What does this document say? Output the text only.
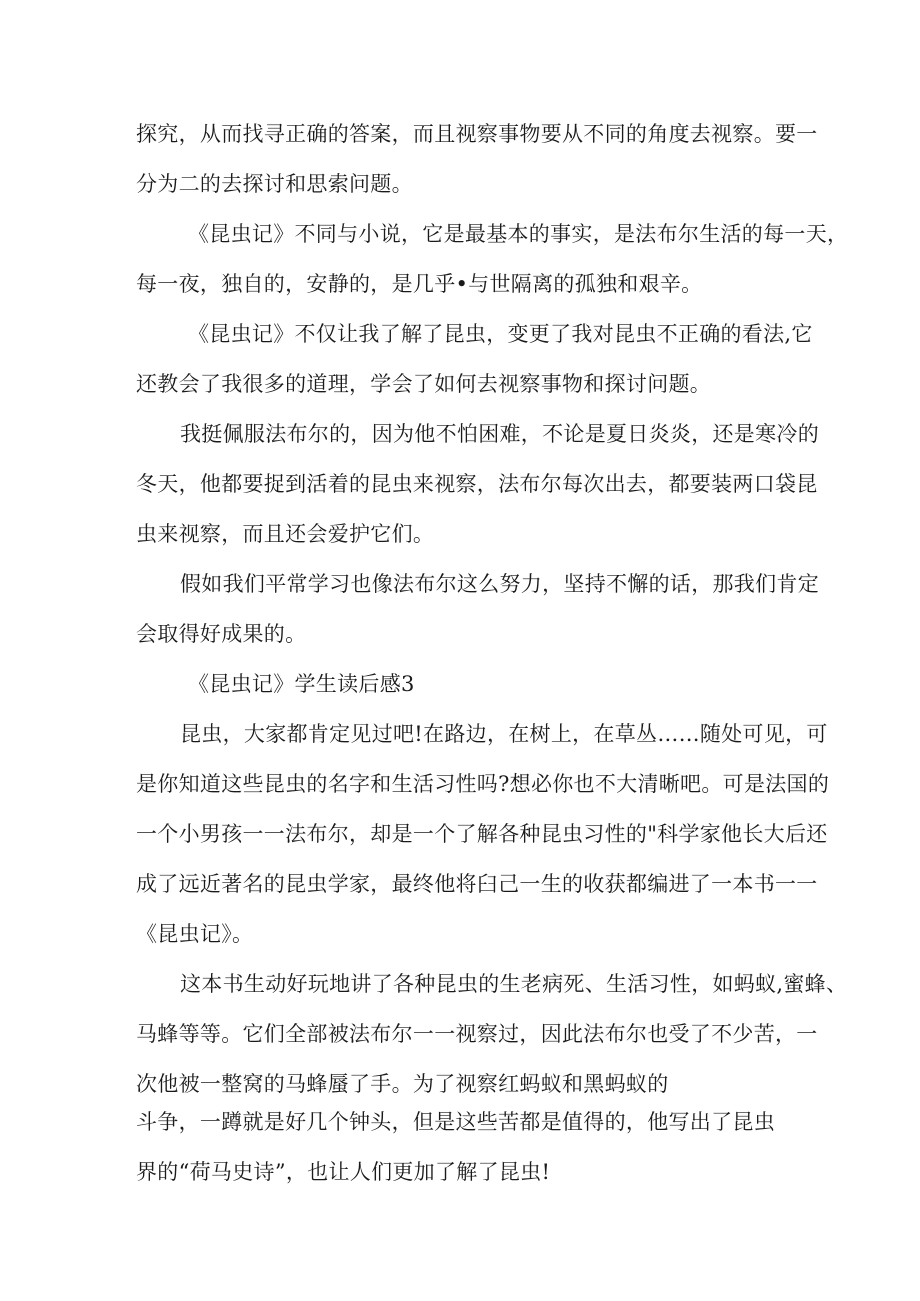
探究，从而找寻正确的答案，而且视察事物要从不同的角度去视察。要一
分为二的去探讨和思索问题。
《昆虫记》不同与小说，它是最基本的事实，是法布尔生活的每一天，
每一夜，独自的，安静的，是几乎•与世隔离的孤独和艰辛。
《昆虫记》不仅让我了解了昆虫，变更了我对昆虫不正确的看法,它
还教会了我很多的道理，学会了如何去视察事物和探讨问题。
我挺佩服法布尔的，因为他不怕困难，不论是夏日炎炎，还是寒冷的
冬天，他都要捉到活着的昆虫来视察，法布尔每次出去，都要装两口袋昆
虫来视察，而且还会爱护它们。
假如我们平常学习也像法布尔这么努力，坚持不懈的话，那我们肯定
会取得好成果的。
《昆虫记》学生读后感3
昆虫，大家都肯定见过吧!在路边，在树上，在草丛……随处可见，可
是你知道这些昆虫的名字和生活习性吗?想必你也不大清晰吧。可是法国的
一个小男孩一一法布尔，却是一个了解各种昆虫习性的"科学家他长大后还
成了远近著名的昆虫学家，最终他将臼己一生的收获都编进了一本书一一
《昆虫记》。
这本书生动好玩地讲了各种昆虫的生老病死、生活习性，如蚂蚁,蜜蜂、
马蜂等等。它们全部被法布尔一一视察过，因此法布尔也受了不少苦，一
次他被一整窝的马蜂蜃了手。为了视察红蚂蚁和黑蚂蚁的
斗争，一蹲就是好几个钟头，但是这些苦都是值得的，他写出了昆虫
界的“荷马史诗”，也让人们更加了解了昆虫!
